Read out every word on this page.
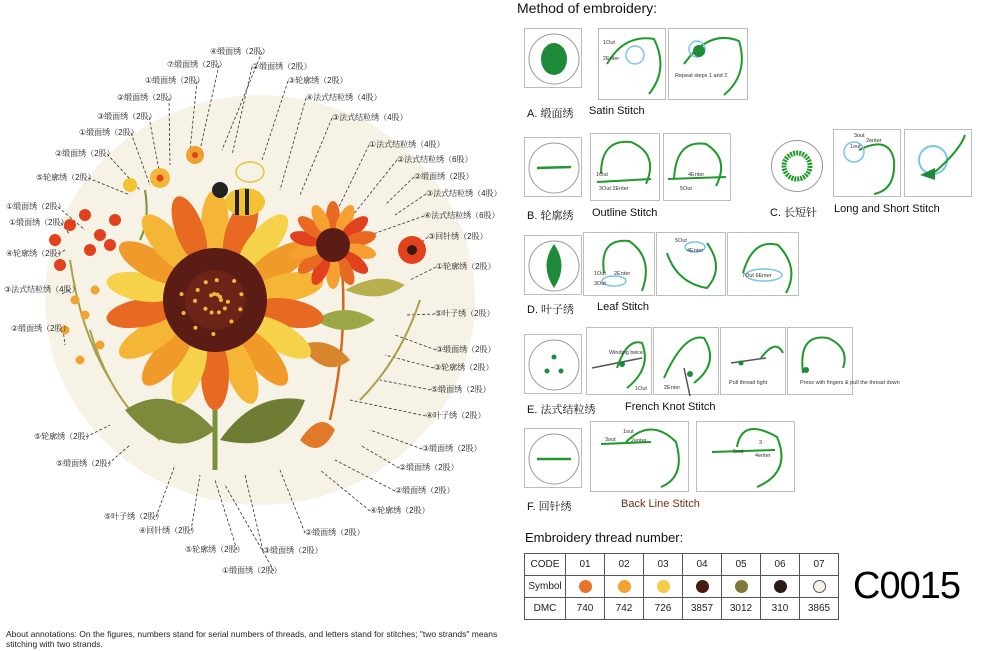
④缎面绣（2股）
⑦缎面绣（2股）	②缎面绣（2股）
①缎面绣（2股）	③轮廓绣（2股）
②缎面绣（2股）	④法式结粒绣（4股）
③缎面绣（2股）	③法式结粒绣（4股）
①缎面绣（2股）
①法式结粒绣（4股）
②缎面绣（2股）
②法式结粒绣（6股）
⑤轮廓绣（2股）	②缎面绣（2股）
①缎面绣（2股）
③法式结粒绣（4股）
④法式结粒绣（6股）
①缎面绣（2股）
③回针绣（2股）
④轮廓绣（2股）
①轮廓绣（2股）
③法式结粒绣（4股）
⑤叶子绣（2股）
②缎面绣（2股）
③缎面绣（2股）
③轮廓绣（2股）
⑤缎面绣（2股）
④叶子绣（2股）
⑤轮廓绣（2股）
③缎面绣（2股）
⑤缎面绣（2股）	②缎面绣（2股）
②缎面绣（2股）
⑤叶子绣（2股）
④轮廓绣（2股）
④回针绣（2股）	②缎面绣（2股）
⑤轮廓绣（2股） ③缎面绣（2股）
①缎面绣（2股）
Method of embroidery:
1Out
2Enter
Repeat steps 1 and 2
A. 缎面绣 Satin Stitch
1Out
3Out 2Enter
4Enter
5Out
B. 轮廓绣 Outline Stitch
3out
2enter
1out
C. 长短针 Long and Short Stitch
1Out 2Enter
3Out
5Out
4Enter
7Out 6Enter
D. 叶子绣 Leaf Stitch
Winding twice
1Out	2Enter
Pull thread tight	Press with fingers & pull the thread down
E. 法式结粒绣	French Knot Stitch
1out
3out	2enter
5out
3
4enter
F. 回针绣	Back Line Stitch
Embroidery thread number:
CODE	01	02	03	04	05	06	07
Symbol							
DMC	740	742	726	3857	3012	310	3865
C0015
About annotations: On the figures, numbers stand for serial numbers of threads, and letters stand for stitches; "two strands" means stitching with two strands.
